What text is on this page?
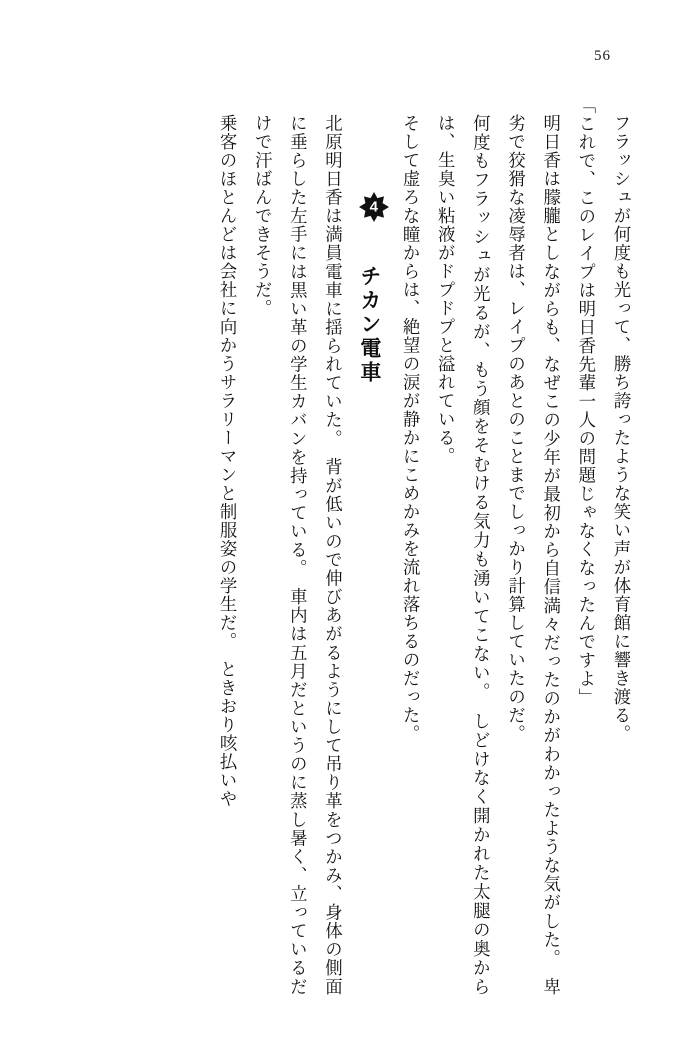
56

フラッシュが何度も光って、勝ち誇ったような笑い声が体育館に響き渡る。

「これで、このレイプは明日香先輩一人の問題じゃなくなったんですよ」

明日香は朦朧としながらも、なぜこの少年が最初から自信満々だったのかがわかったような気がした。　卑劣で狡猾な凌辱者は、レイプのあとのことまでしっかり計算していたのだ。

何度もフラッシュが光るが、もう顔をそむける気力も湧いてこない。　しどけなく開かれた太腿の奥からは、生臭い粘液がドプドプと溢れている。

そして虚ろな瞳からは、絶望の涙が静かにこめかみを流れ落ちるのだった。

4
チカン電車

北原明日香は満員電車に揺られていた。　背が低いので伸びあがるようにして吊り革をつかみ、身体の側面に垂らした左手には黒い革の学生カバンを持っている。　車内は五月だというのに蒸し暑く、立っているだけで汗ばんできそうだ。

乗客のほとんどは会社に向かうサラリーマンと制服姿の学生だ。　ときおり咳払いや
